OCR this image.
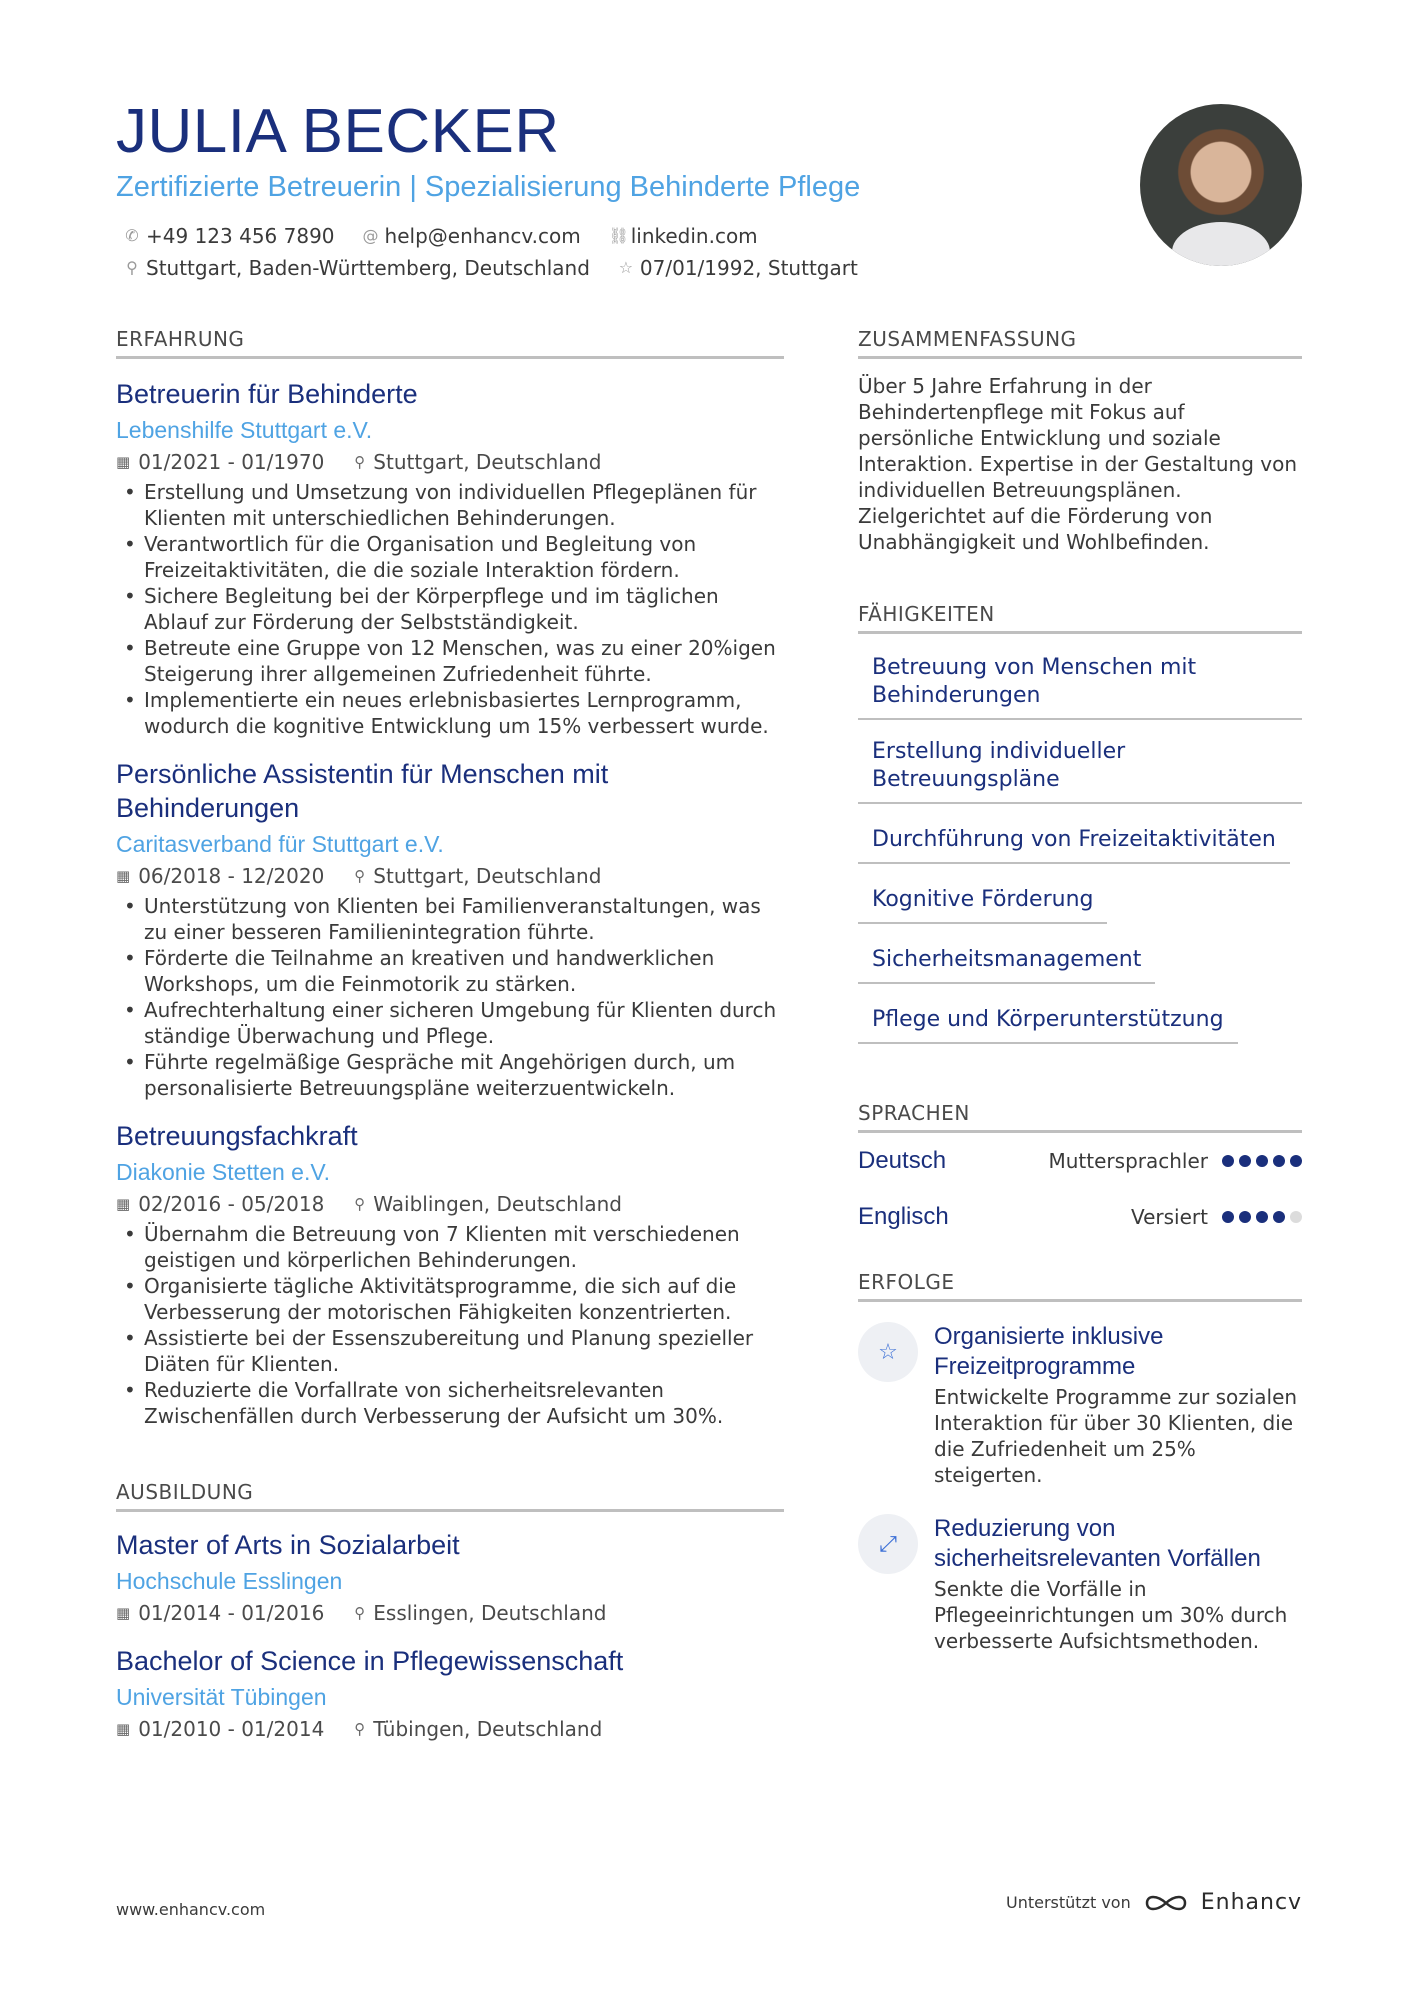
JULIA BECKER
Zertifizierte Betreuerin | Spezialisierung Behinderte Pflege
✆ +49 123 456 7890 @ help@enhancv.com ⛓ linkedin.com
⚲ Stuttgart, Baden-Württemberg, Deutschland ☆ 07/01/1992, Stuttgart
ERFAHRUNG
Betreuerin für Behinderte
Lebenshilfe Stuttgart e.V.
▦ 01/2021 - 01/1970 ⚲ Stuttgart, Deutschland
• Erstellung und Umsetzung von individuellen Pflegeplänen für Klienten mit unterschiedlichen Behinderungen.
• Verantwortlich für die Organisation und Begleitung von Freizeitaktivitäten, die die soziale Interaktion fördern.
• Sichere Begleitung bei der Körperpflege und im täglichen Ablauf zur Förderung der Selbstständigkeit.
• Betreute eine Gruppe von 12 Menschen, was zu einer 20%igen Steigerung ihrer allgemeinen Zufriedenheit führte.
• Implementierte ein neues erlebnisbasiertes Lernprogramm, wodurch die kognitive Entwicklung um 15% verbessert wurde.
Persönliche Assistentin für Menschen mit Behinderungen
Caritasverband für Stuttgart e.V.
▦ 06/2018 - 12/2020 ⚲ Stuttgart, Deutschland
• Unterstützung von Klienten bei Familienveranstaltungen, was zu einer besseren Familienintegration führte.
• Förderte die Teilnahme an kreativen und handwerklichen Workshops, um die Feinmotorik zu stärken.
• Aufrechterhaltung einer sicheren Umgebung für Klienten durch ständige Überwachung und Pflege.
• Führte regelmäßige Gespräche mit Angehörigen durch, um personalisierte Betreuungspläne weiterzuentwickeln.
Betreuungsfachkraft
Diakonie Stetten e.V.
▦ 02/2016 - 05/2018 ⚲ Waiblingen, Deutschland
• Übernahm die Betreuung von 7 Klienten mit verschiedenen geistigen und körperlichen Behinderungen.
• Organisierte tägliche Aktivitätsprogramme, die sich auf die Verbesserung der motorischen Fähigkeiten konzentrierten.
• Assistierte bei der Essenszubereitung und Planung spezieller Diäten für Klienten.
• Reduzierte die Vorfallrate von sicherheitsrelevanten Zwischenfällen durch Verbesserung der Aufsicht um 30%.
AUSBILDUNG
Master of Arts in Sozialarbeit
Hochschule Esslingen
▦ 01/2014 - 01/2016 ⚲ Esslingen, Deutschland
Bachelor of Science in Pflegewissenschaft
Universität Tübingen
▦ 01/2010 - 01/2014 ⚲ Tübingen, Deutschland
ZUSAMMENFASSUNG
Über 5 Jahre Erfahrung in der Behindertenpflege mit Fokus auf persönliche Entwicklung und soziale Interaktion. Expertise in der Gestaltung von individuellen Betreuungsplänen. Zielgerichtet auf die Förderung von Unabhängigkeit und Wohlbefinden.
FÄHIGKEITEN
Betreuung von Menschen mit Behinderungen
Erstellung individueller Betreuungspläne
Durchführung von Freizeitaktivitäten
Kognitive Förderung
Sicherheitsmanagement
Pflege und Körperunterstützung
SPRACHEN
Deutsch	Muttersprachler
Englisch	Versiert
ERFOLGE
☆
Organisierte inklusive Freizeitprogramme
Entwickelte Programme zur sozialen Interaktion für über 30 Klienten, die die Zufriedenheit um 25% steigerten.
⤢
Reduzierung von sicherheitsrelevanten Vorfällen
Senkte die Vorfälle in Pflegeeinrichtungen um 30% durch verbesserte Aufsichtsmethoden.
www.enhancv.com	Unterstützt von	Enhancv
